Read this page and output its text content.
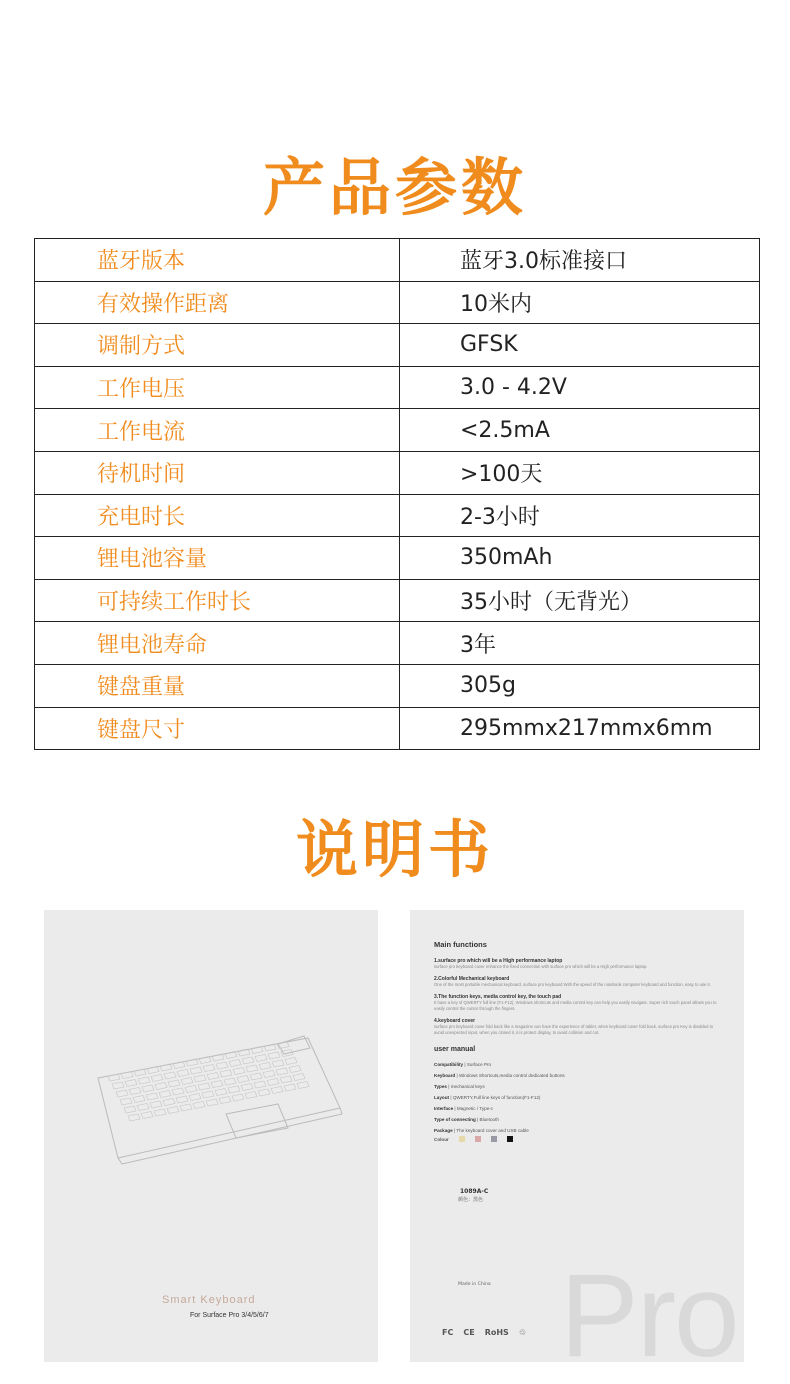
产品参数
蓝牙版本	蓝牙3.0标准接口
有效操作距离	10米内
调制方式	GFSK
工作电压	3.0 - 4.2V
工作电流	<2.5mA
待机时间	>100天
充电时长	2-3小时
锂电池容量	350mAh
可持续工作时长	35小时（无背光）
锂电池寿命	3年
键盘重量	305g
键盘尺寸	295mmx217mmx6mm
说明书
Smart Keyboard
For Surface Pro 3/4/5/6/7 Pro
Main functions
1.surface pro which will be a High performance laptop
surface pro keyboard cover enhance the fixed connection with surface pro which will be a High performance laptop.
2.Colorful Mechanical keyboard
One of the most portable mechanical keyboard, surface pro keyboard With the speed of the notebook computer keyboard and function, easy to use it.
3.The function keys, media control key, the touch pad
It have a key of QWERTY full line (F1-F12), Windows shortcuts and media control key can help you easily navigate. Super rich touch panel allows you to easily control the cursor through the fingers.
4.keyboard cover
surface pro keyboard cover fold back like a magazine can have the experience of tablet, when keyboard cover fold back, surface pro Key is disabled to avoid unexpected input, when you closed it, it is protect display, to avoid collision and cut.
user manual
Compatibility | Surface Pro
Keyboard | Windows Shortcuts,media control dedicated buttons
Types | mechanical keys
Layout | QWERTY,Full line keys of function(F1-F12)
Interface | Magnetic / Type-c
Type of connecting | Bluetooth
Package | The keyboard cover and USB cable
Colour
1089A-C
颜色：黑色
Made in China
FC CE RoHS ♲
